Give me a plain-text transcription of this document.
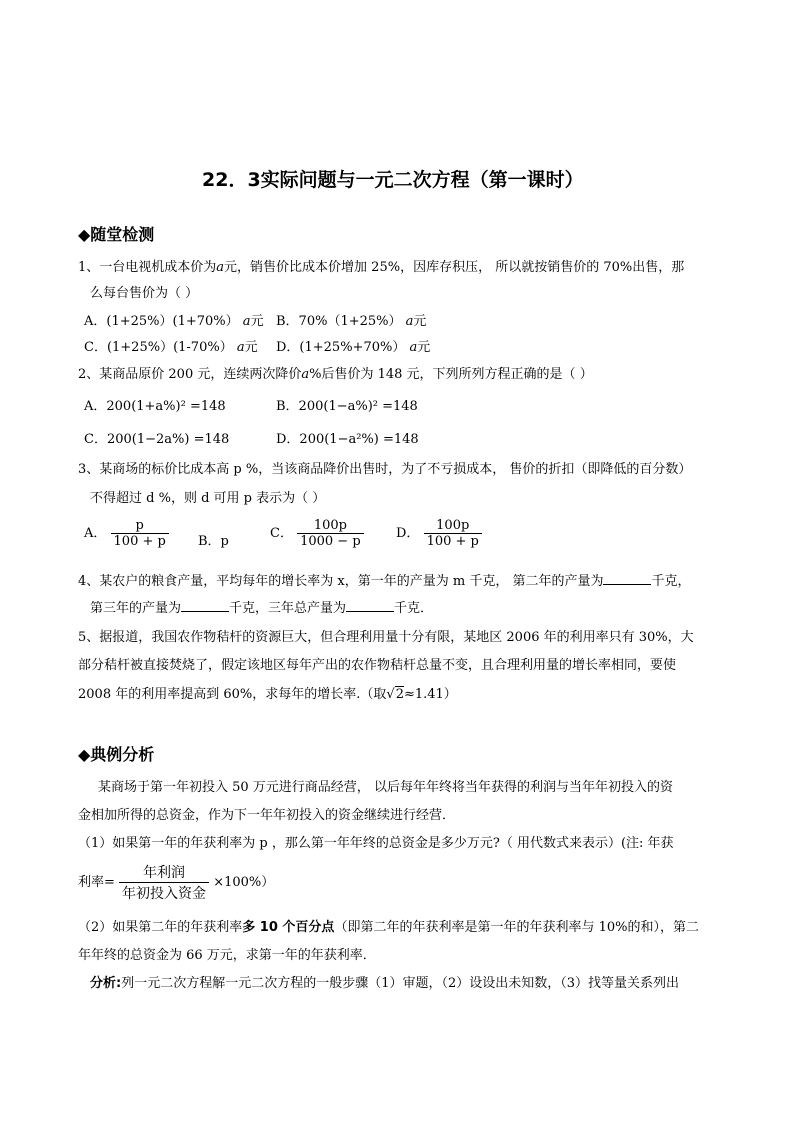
22．3实际问题与一元二次方程（第一课时）
◆随堂检测
1、一台电视机成本价为a元，销售价比成本价增加 25%，因库存积压， 所以就按销售价的 70%出售，那
么每台售价为（ ）
A．(1+25%）(1+70%） a元 B．70%（1+25%） a元
C．(1+25%）(1-70%） a元 D．(1+25%+70%） a元
2、某商品原价 200 元，连续两次降价a%后售价为 148 元，下列所列方程正确的是（ ）
A．200(1+a%)² =148	B．200(1−a%)² =148
C．200(1−2a%) =148	D．200(1−a²%) =148
3、某商场的标价比成本高 p %，当该商品降价出售时，为了不亏损成本， 售价的折扣（即降低的百分数）
不得超过 d %，则 d 可用 p 表示为（ ）
A． $\frac{p}{100 + p}$ B．p
C． $\frac{100p}{1000 - p}$ D． $\frac{100p}{100 + p}$
4、某农户的粮食产量，平均每年的增长率为 x，第一年的产量为 m 千克， 第二年的产量为	千克，
第三年的产量为	千克，三年总产量为	千克．
5、据报道，我国农作物秸杆的资源巨大，但合理利用量十分有限，某地区 2006 年的利用率只有 30%，大
部分秸杆被直接焚烧了，假定该地区每年产出的农作物秸杆总量不变，且合理利用量的增长率相同，要使
2008 年的利用率提高到 60%，求每年的增长率.（取√2≈1.41）
◆典例分析
某商场于第一年初投入 50 万元进行商品经营， 以后每年年终将当年获得的利润与当年年初投入的资
金相加所得的总资金，作为下一年年初投入的资金继续进行经营．
（1）如果第一年的年获利率为 p ，那么第一年年终的总资金是多少万元?（ 用代数式来表示）(注: 年获
利率= $\frac{\text{年利润}}{\text{年初投入资金}} \times 100\%$）
（2）如果第二年的年获利率多 10 个百分点（即第二年的年获利率是第一年的年获利率与 10%的和），第二
年年终的总资金为 66 万元，求第一年的年获利率．
分析:列一元二次方程解一元二次方程的一般步骤（1）审题，（2）设设出未知数，（3）找等量关系列出
